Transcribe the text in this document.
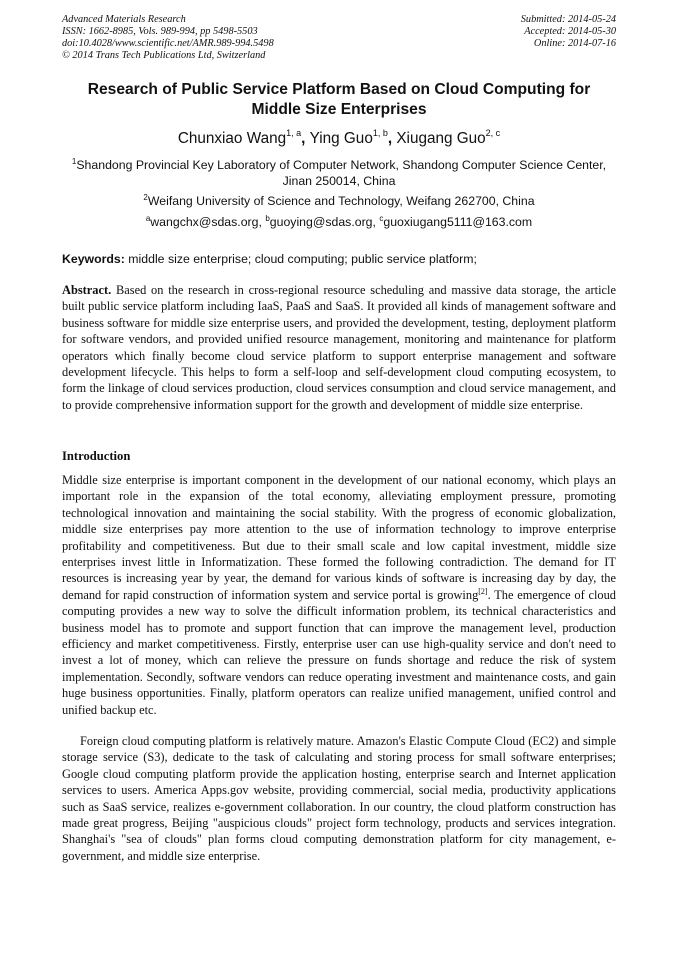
Advanced Materials Research
ISSN: 1662-8985, Vols. 989-994, pp 5498-5503
doi:10.4028/www.scientific.net/AMR.989-994.5498
© 2014 Trans Tech Publications Ltd, Switzerland
Submitted: 2014-05-24
Accepted: 2014-05-30
Online: 2014-07-16
Research of Public Service Platform Based on Cloud Computing for Middle Size Enterprises
Chunxiao Wang$^{1, a}$, Ying Guo$^{1, b}$, Xiugang Guo$^{2, c}$
$^1$Shandong Provincial Key Laboratory of Computer Network, Shandong Computer Science Center, Jinan 250014, China
$^2$Weifang University of Science and Technology, Weifang 262700, China
$^a$wangchx@sdas.org, $^b$guoying@sdas.org, $^c$guoxiugang5111@163.com
Keywords: middle size enterprise; cloud computing; public service platform;

Abstract. Based on the research in cross-regional resource scheduling and massive data storage, the article built public service platform including IaaS, PaaS and SaaS. It provided all kinds of management software and business software for middle size enterprise users, and provided the development, testing, deployment platform for software vendors, and provided unified resource management, monitoring and maintenance for platform operators which finally become cloud service platform to support enterprise management and software development lifecycle. This helps to form a self-loop and self-development cloud computing ecosystem, to form the linkage of cloud services production, cloud services consumption and cloud service management, and to provide comprehensive information support for the growth and development of middle size enterprise.

Introduction

Middle size enterprise is important component in the development of our national economy, which plays an important role in the expansion of the total economy, alleviating employment pressure, promoting technological innovation and maintaining the social stability. With the progress of economic globalization, middle size enterprises pay more attention to the use of information technology to improve enterprise profitability and competitiveness. But due to their small scale and low capital investment, middle size enterprises invest little in Informatization. These formed the following contradiction. The demand for IT resources is increasing year by year, the demand for various kinds of software is increasing day by day, the demand for rapid construction of information system and service portal is growing[2]. The emergence of cloud computing provides a new way to solve the difficult information problem, its technical characteristics and business model has to promote and support function that can improve the management level, production efficiency and market competitiveness. Firstly, enterprise user can use high-quality service and don't need to invest a lot of money, which can relieve the pressure on funds shortage and reduce the risk of system implementation. Secondly, software vendors can reduce operating investment and maintenance costs, and gain huge business opportunities. Finally, platform operators can realize unified management, unified control and unified backup etc.

Foreign cloud computing platform is relatively mature. Amazon's Elastic Compute Cloud (EC2) and simple storage service (S3), dedicate to the task of calculating and storing process for small software enterprises; Google cloud computing platform provide the application hosting, enterprise search and Internet application services to users. America Apps.gov website, providing commercial, social media, productivity applications such as SaaS service, realizes e-government collaboration. In our country, the cloud platform construction has made great progress, Beijing "auspicious clouds" project form technology, products and services integration. Shanghai's "sea of clouds" plan forms cloud computing demonstration platform for city management, e-government, and middle size enterprise.
